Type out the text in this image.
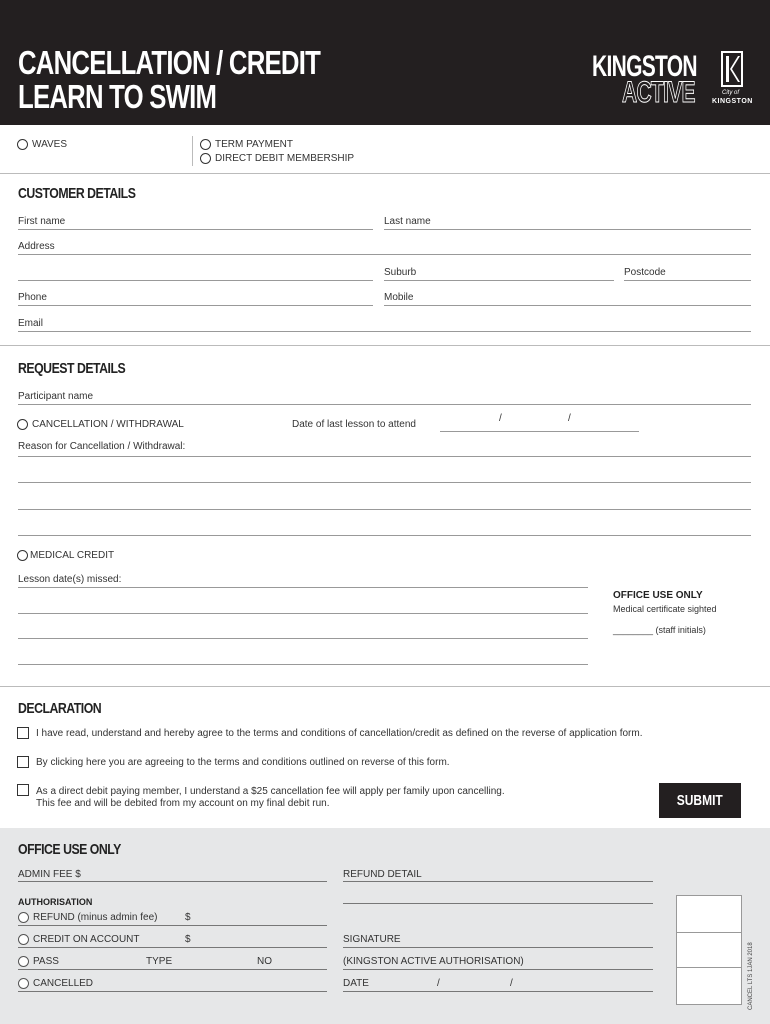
CANCELLATION / CREDIT
LEARN TO SWIM
KINGSTON
ACTIVE	City of
KINGSTON
WAVES	TERM PAYMENT
DIRECT DEBIT MEMBERSHIP
CUSTOMER DETAILS
First name	Last name
Address
Suburb	Postcode
Phone	Mobile
Email
REQUEST DETAILS
Participant name
CANCELLATION / WITHDRAWAL	Date of last lesson to attend
/	/
Reason for Cancellation / Withdrawal:
MEDICAL CREDIT
Lesson date(s) missed:
OFFICE USE ONLY
Medical certificate sighted
________ (staff initials)
DECLARATION
I have read, understand and hereby agree to the terms and conditions of cancellation/credit as defined on the reverse of application form.
By clicking here you are agreeing to the terms and conditions outlined on reverse of this form.
As a direct debit paying member, I understand a $25 cancellation fee will apply per family upon cancelling.
This fee and will be debited from my account on my final debit run.	SUBMIT
OFFICE USE ONLY
ADMIN FEE $	REFUND DETAIL
AUTHORISATION
REFUND (minus admin fee)	$
CREDIT ON ACCOUNT	$	SIGNATURE
PASS	TYPE	NO	(KINGSTON ACTIVE AUTHORISATION)
CANCELLED	DATE	/	/	CANCEL LTS 1JAN 2018
